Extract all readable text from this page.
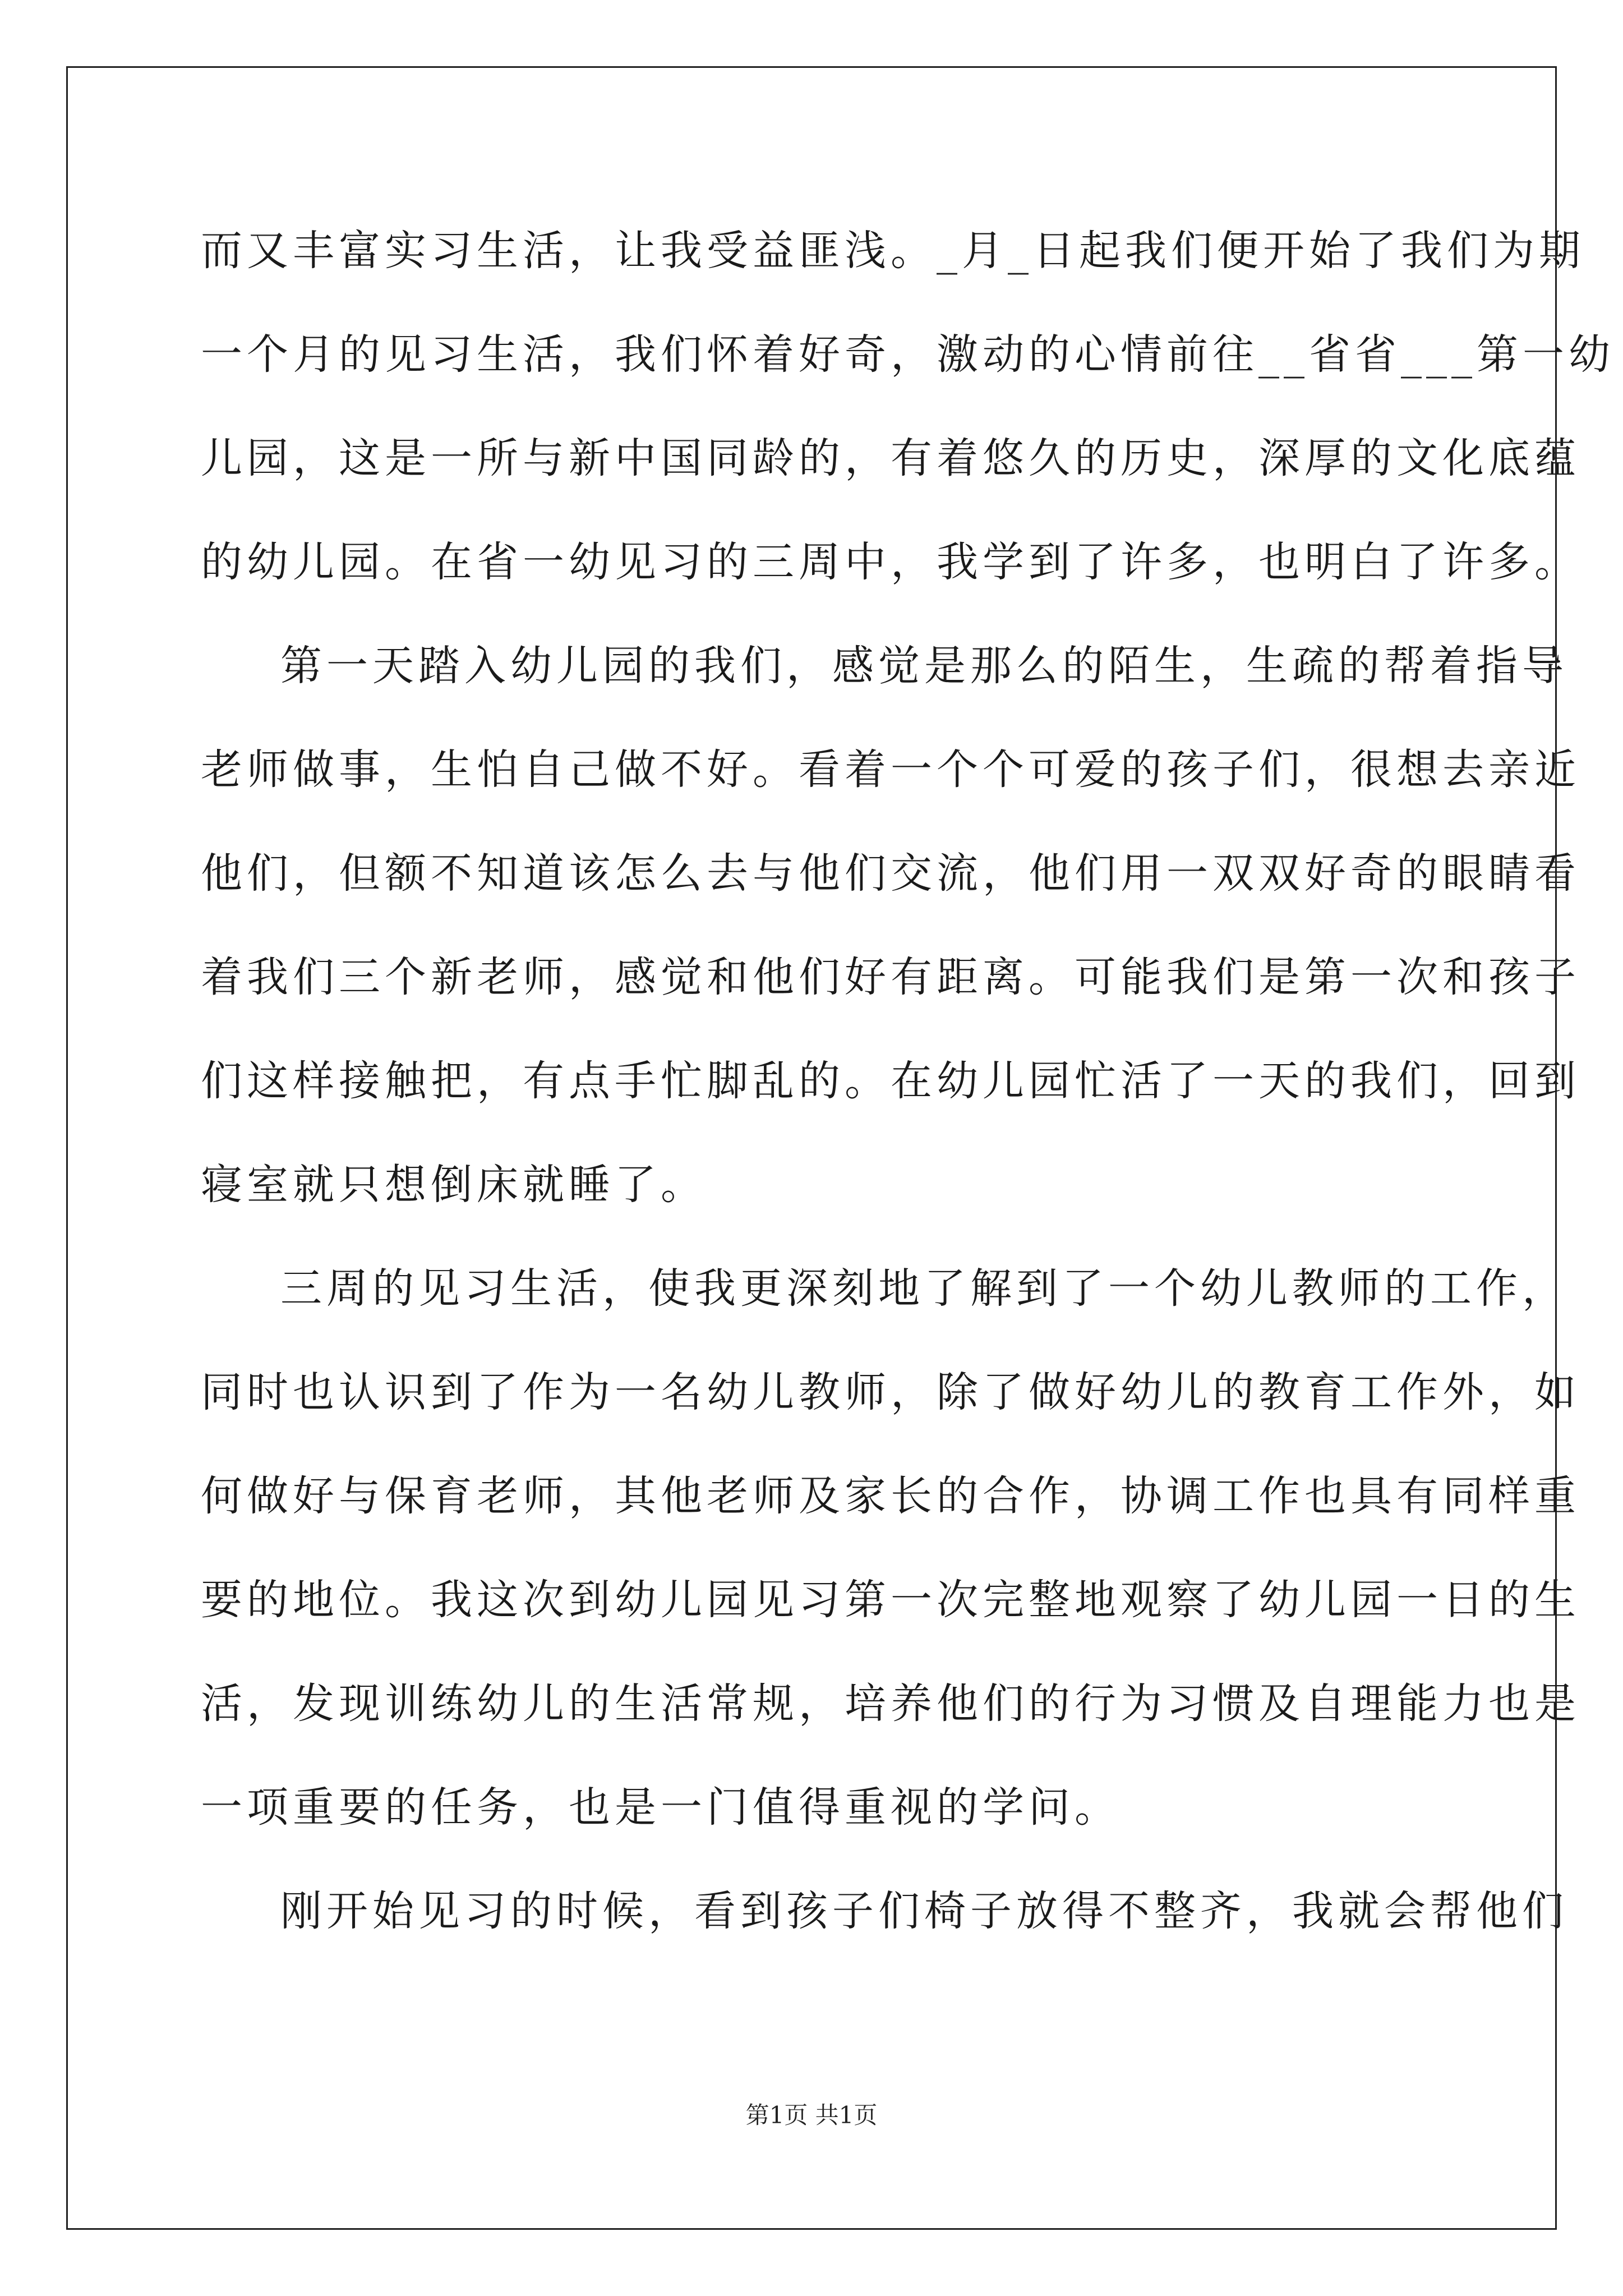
而又丰富实习生活，让我受益匪浅。_月_日起我们便开始了我们为期
一个月的见习生活，我们怀着好奇，激动的心情前往__省省___第一幼
儿园，这是一所与新中国同龄的，有着悠久的历史，深厚的文化底蕴
的幼儿园。在省一幼见习的三周中，我学到了许多，也明白了许多。
第一天踏入幼儿园的我们，感觉是那么的陌生，生疏的帮着指导
老师做事，生怕自己做不好。看着一个个可爱的孩子们，很想去亲近
他们，但额不知道该怎么去与他们交流，他们用一双双好奇的眼睛看
着我们三个新老师，感觉和他们好有距离。可能我们是第一次和孩子
们这样接触把，有点手忙脚乱的。在幼儿园忙活了一天的我们，回到
寝室就只想倒床就睡了。
三周的见习生活，使我更深刻地了解到了一个幼儿教师的工作，
同时也认识到了作为一名幼儿教师，除了做好幼儿的教育工作外，如
何做好与保育老师，其他老师及家长的合作，协调工作也具有同样重
要的地位。我这次到幼儿园见习第一次完整地观察了幼儿园一日的生
活，发现训练幼儿的生活常规，培养他们的行为习惯及自理能力也是
一项重要的任务，也是一门值得重视的学问。
刚开始见习的时候，看到孩子们椅子放得不整齐，我就会帮他们
第1页 共1页
